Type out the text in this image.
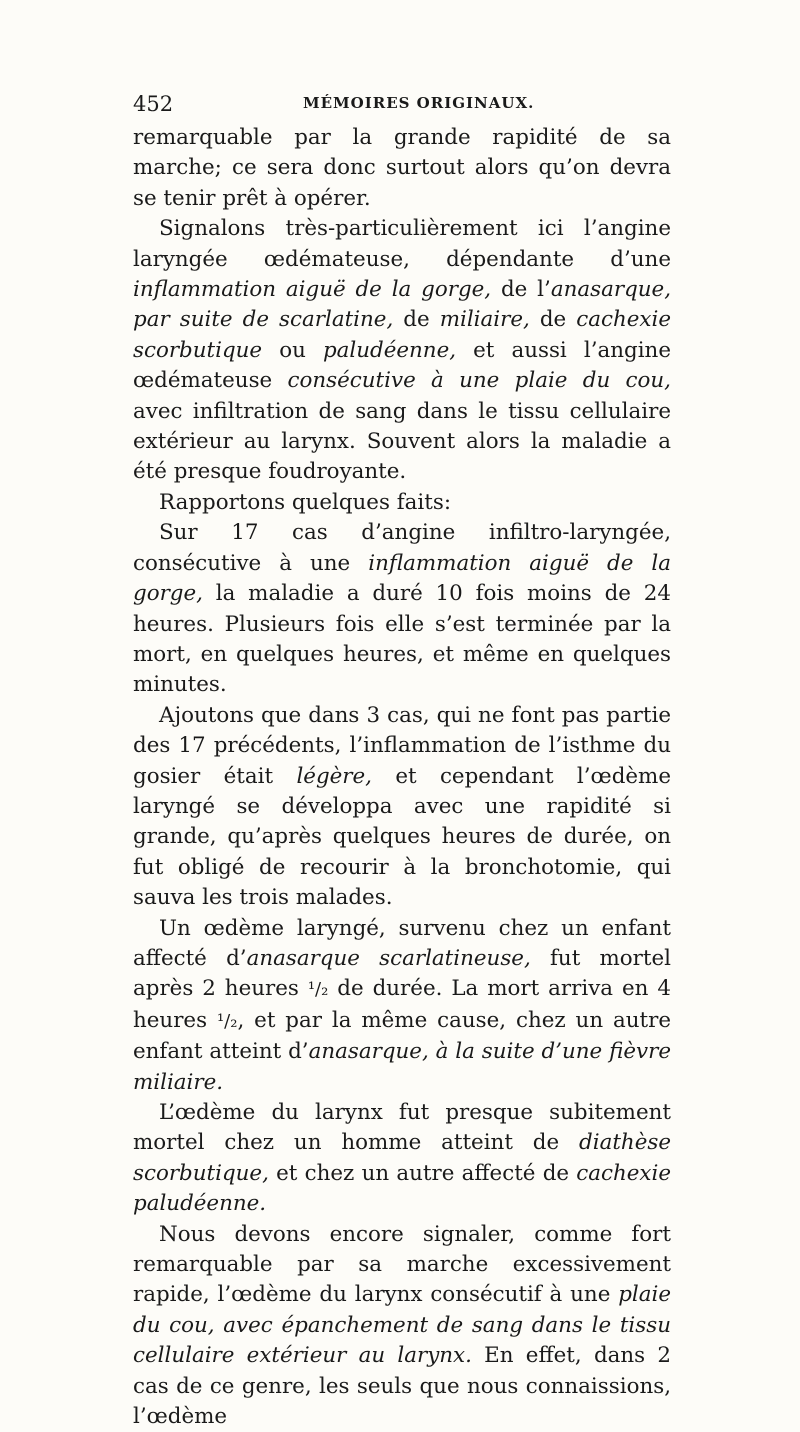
452	MÉMOIRES ORIGINAUX.

remarquable par la grande rapidité de sa marche; ce sera donc surtout alors qu’on devra se tenir prêt à opérer.

Signalons très-particulièrement ici l’angine laryngée œdémateuse, dépendante d’une inflammation aiguë de la gorge, de l’anasarque, par suite de scarlatine, de miliaire, de cachexie scorbutique ou paludéenne, et aussi l’angine œdémateuse consécutive à une plaie du cou, avec infiltration de sang dans le tissu cellulaire extérieur au larynx. Souvent alors la maladie a été presque foudroyante.

Rapportons quelques faits:

Sur 17 cas d’angine infiltro-laryngée, consécutive à une inflammation aiguë de la gorge, la maladie a duré 10 fois moins de 24 heures. Plusieurs fois elle s’est terminée par la mort, en quelques heures, et même en quelques minutes.

Ajoutons que dans 3 cas, qui ne font pas partie des 17 précédents, l’inflammation de l’isthme du gosier était légère, et cependant l’œdème laryngé se développa avec une rapidité si grande, qu’après quelques heures de durée, on fut obligé de recourir à la bronchotomie, qui sauva les trois malades.

Un œdème laryngé, survenu chez un enfant affecté d’anasarque scarlatineuse, fut mortel après 2 heures ¹/₂ de durée. La mort arriva en 4 heures ¹/₂, et par la même cause, chez un autre enfant atteint d’anasarque, à la suite d’une fièvre miliaire.

L’œdème du larynx fut presque subitement mortel chez un homme atteint de diathèse scorbutique, et chez un autre affecté de cachexie paludéenne.

Nous devons encore signaler, comme fort remarquable par sa marche excessivement rapide, l’œdème du larynx consécutif à une plaie du cou, avec épanchement de sang dans le tissu cellulaire extérieur au larynx. En effet, dans 2 cas de ce genre, les seuls que nous connaissions, l’œdème
